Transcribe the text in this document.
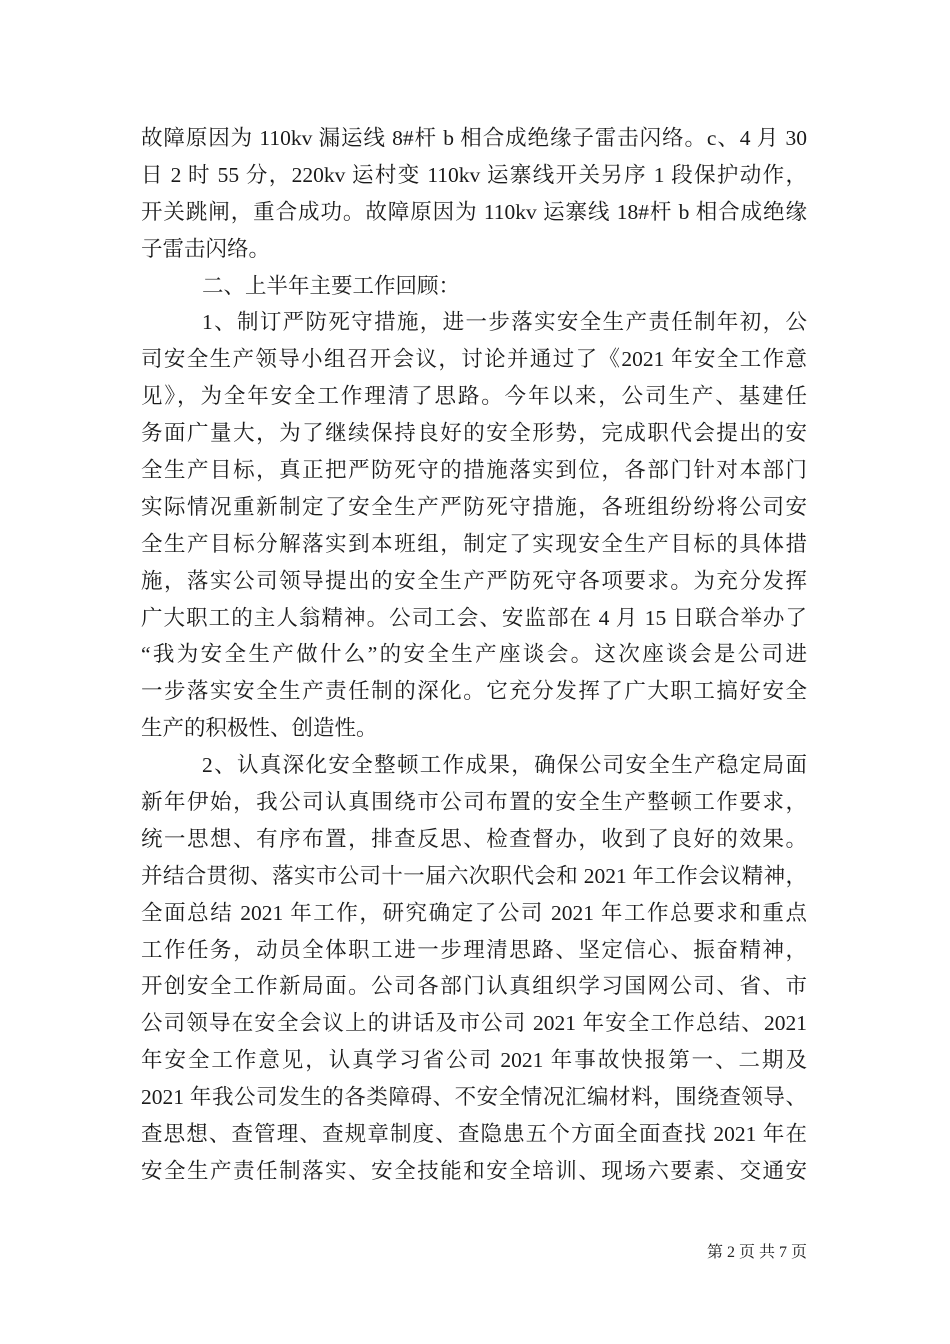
故障原因为 110kv 漏运线 8#杆 b 相合成绝缘子雷击闪络。c、4 月 30
日 2 时 55 分，220kv 运村变 110kv 运寨线开关另序 1 段保护动作，
开关跳闸，重合成功。故障原因为 110kv 运寨线 18#杆 b 相合成绝缘
子雷击闪络。
二、上半年主要工作回顾：
1、制订严防死守措施，进一步落实安全生产责任制年初，公
司安全生产领导小组召开会议，讨论并通过了《2021 年安全工作意
见》，为全年安全工作理清了思路。今年以来，公司生产、基建任
务面广量大，为了继续保持良好的安全形势，完成职代会提出的安
全生产目标，真正把严防死守的措施落实到位，各部门针对本部门
实际情况重新制定了安全生产严防死守措施，各班组纷纷将公司安
全生产目标分解落实到本班组，制定了实现安全生产目标的具体措
施，落实公司领导提出的安全生产严防死守各项要求。为充分发挥
广大职工的主人翁精神。公司工会、安监部在 4 月 15 日联合举办了
“我为安全生产做什么”的安全生产座谈会。这次座谈会是公司进
一步落实安全生产责任制的深化。它充分发挥了广大职工搞好安全
生产的积极性、创造性。
2、认真深化安全整顿工作成果，确保公司安全生产稳定局面
新年伊始，我公司认真围绕市公司布置的安全生产整顿工作要求，
统一思想、有序布置，排查反思、检查督办，收到了良好的效果。
并结合贯彻、落实市公司十一届六次职代会和 2021 年工作会议精神，
全面总结 2021 年工作，研究确定了公司 2021 年工作总要求和重点
工作任务，动员全体职工进一步理清思路、坚定信心、振奋精神，
开创安全工作新局面。公司各部门认真组织学习国网公司、省、市
公司领导在安全会议上的讲话及市公司 2021 年安全工作总结、2021
年安全工作意见，认真学习省公司 2021 年事故快报第一、二期及
2021 年我公司发生的各类障碍、不安全情况汇编材料，围绕查领导、
查思想、查管理、查规章制度、查隐患五个方面全面查找 2021 年在
安全生产责任制落实、安全技能和安全培训、现场六要素、交通安
第 2 页 共 7 页
